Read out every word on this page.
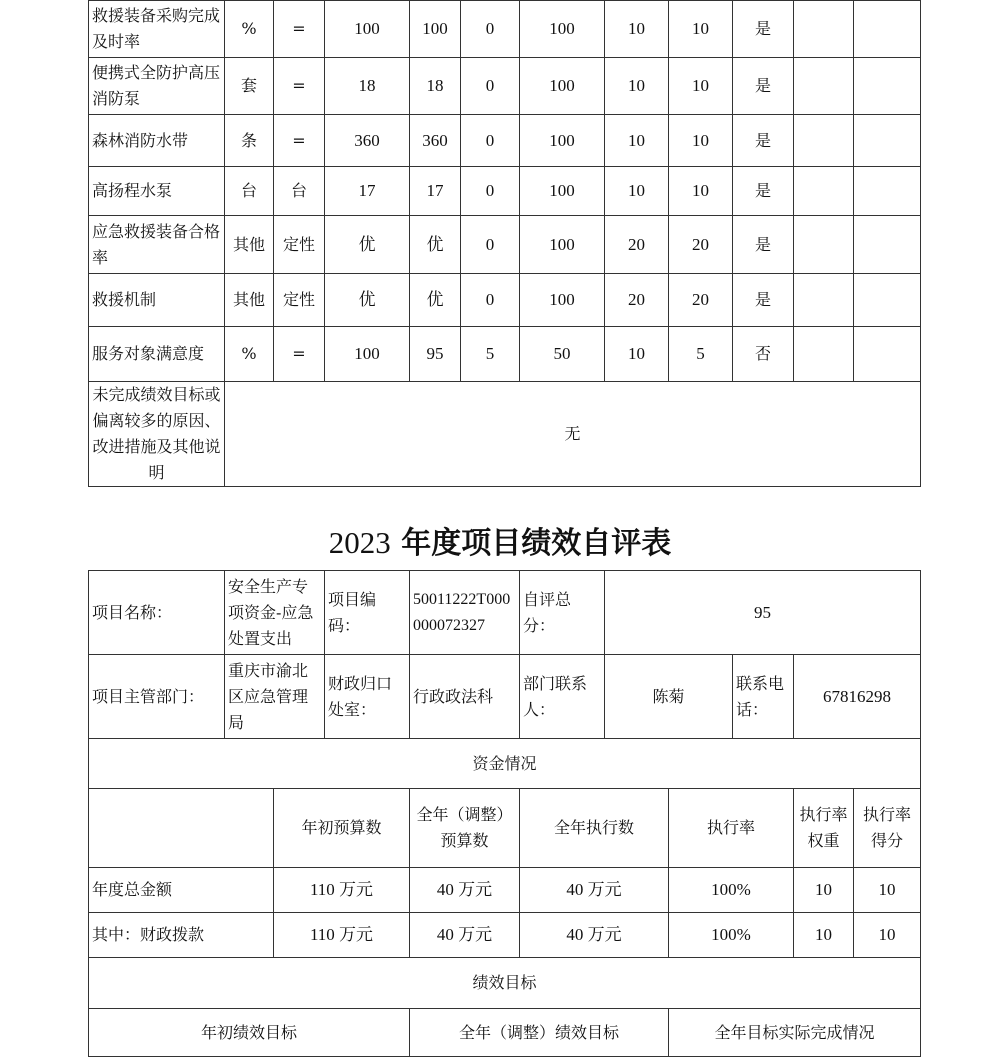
救援装备采购完成及时率	%	=	100	100	0	100	10	10	是		
便携式全防护高压消防泵	套	=	18	18	0	100	10	10	是		
森林消防水带	条	=	360	360	0	100	10	10	是		
高扬程水泵	台	台	17	17	0	100	10	10	是		
应急救援装备合格率	其他	定性	优	优	0	100	20	20	是		
救援机制	其他	定性	优	优	0	100	20	20	是		
服务对象满意度	%	=	100	95	5	50	10	5	否		
未完成绩效目标或偏离较多的原因、改进措施及其他说明	无										
2023 年度项目绩效自评表
项目名称：	安全生产专项资金-应急处置支出		项目编码：	50011222T000000072327	自评总分：	95				
项目主管部门：	重庆市渝北区应急管理局		财政归口处室：	行政政法科	部门联系人：	陈菊		联系电话：	67816298	
资金情况										
		年初预算数		全年（调整）预算数	全年执行数		执行率		执行率权重	执行率得分
年度总金额		110 万元		40 万元	40 万元		100%		10	10
其中：财政拨款		110 万元		40 万元	40 万元		100%		10	10
绩效目标										
年初绩效目标				全年（调整）绩效目标			全年目标实际完成情况			
